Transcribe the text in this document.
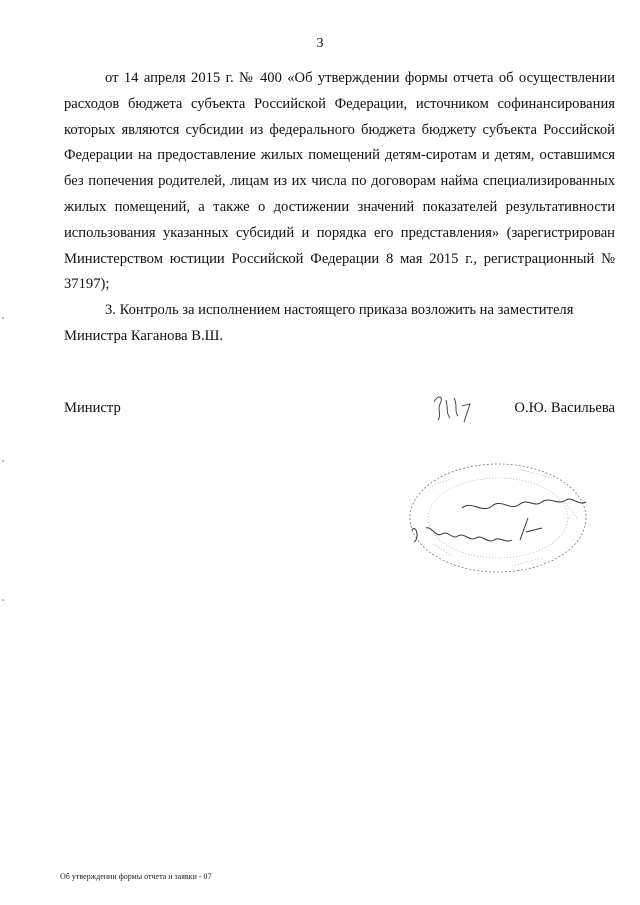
3

от 14 апреля 2015 г. № 400 «Об утверждении формы отчета об осуществлении расходов бюджета субъекта Российской Федерации, источником софинансирования которых являются субсидии из федерального бюджета бюджету субъекта Российской Федерации на предоставление жилых помещений детям-сиротам и детям, оставшимся без попечения родителей, лицам из их числа по договорам найма специализированных жилых помещений, а также о достижении значений показателей результативности использования указанных субсидий и порядка его представления» (зарегистрирован Министерством юстиции Российской Федерации 8 мая 2015 г., регистрационный № 37197);

3. Контроль за исполнением настоящего приказа возложить на заместителя Министра Каганова В.Ш.

Министр	О.Ю. Васильева
Об утверждении формы отчета и заявки - 07
